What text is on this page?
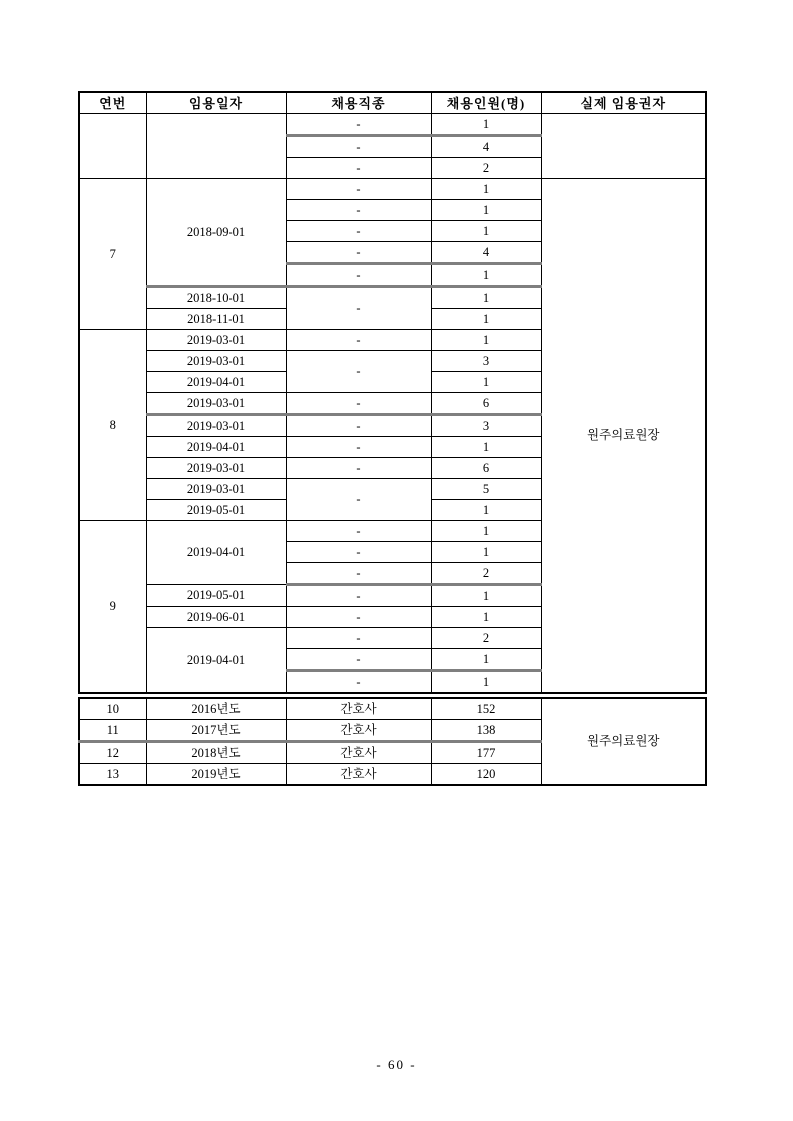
연번	임용일자	채용직종	채용인원(명)	실제 임용권자
		-	1	
		-	4	
		-	2	
7	2018-09-01	-	1	원주의료원장
		-	1	
		-	1	
		-	4	
		-	1	
	2018-10-01	-	1	
	2018-11-01		1	
8	2019-03-01	-	1	
	2019-03-01	-	3	
	2019-04-01		1	
	2019-03-01	-	6	
	2019-03-01	-	3	
	2019-04-01	-	1	
	2019-03-01	-	6	
	2019-03-01	-	5	
	2019-05-01		1	
9	2019-04-01	-	1	
		-	1	
		-	2	
	2019-05-01	-	1	
	2019-06-01	-	1	
	2019-04-01	-	2	
		-	1	
		-	1	
10	2016년도	간호사	152	원주의료원장
11	2017년도	간호사	138	
12	2018년도	간호사	177	
13	2019년도	간호사	120	
- 60 -
